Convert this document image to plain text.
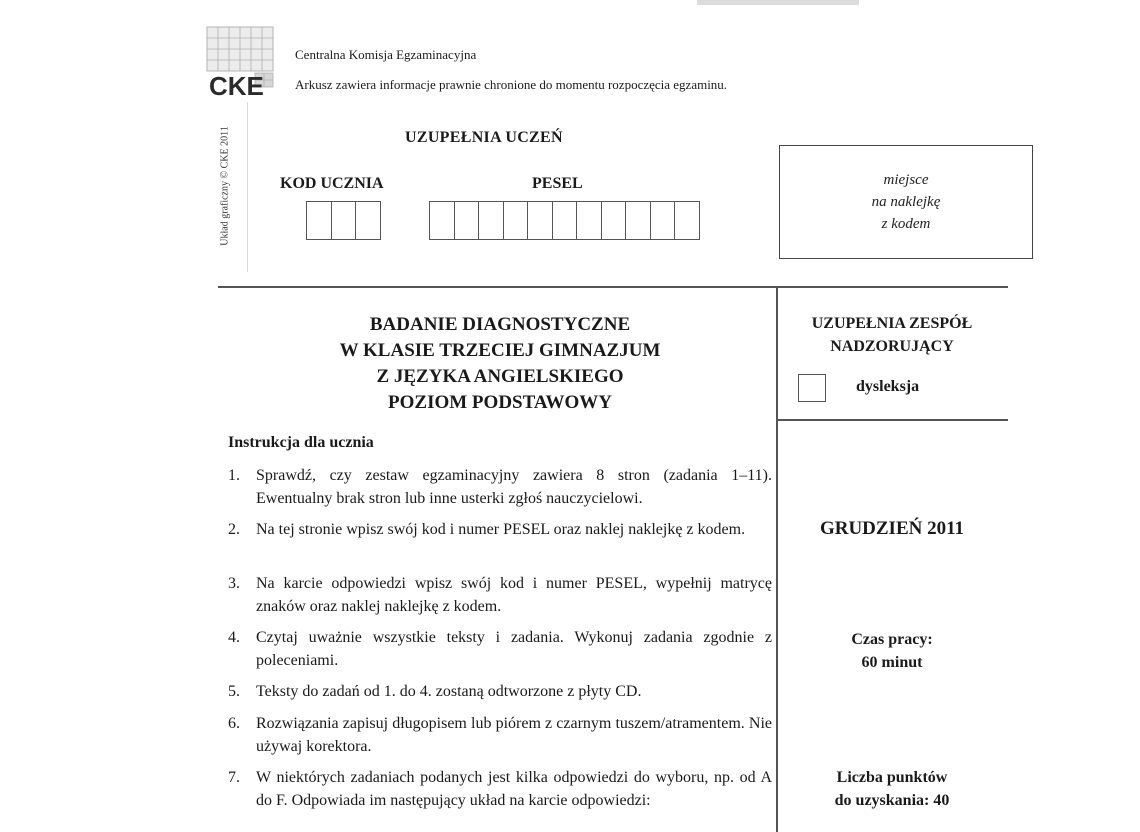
CKE
Układ graficzny © CKE 2011
Centralna Komisja Egzaminacyjna
Arkusz zawiera informacje prawnie chronione do momentu rozpoczęcia egzaminu.
UZUPEŁNIA UCZEŃ
KOD UCZNIA	PESEL	miejsce
na naklejkę
z kodem
BADANIE DIAGNOSTYCZNE
W KLASIE TRZECIEJ GIMNAZJUM
Z JĘZYKA ANGIELSKIEGO
POZIOM PODSTAWOWY
UZUPEŁNIA ZESPÓŁ
NADZORUJĄCY
dysleksja
GRUDZIEŃ 2011
Czas pracy:
60 minut
Liczba punktów
do uzyskania: 40
Instrukcja dla ucznia
1. Sprawdź, czy zestaw egzaminacyjny zawiera 8 stron (zadania 1–11). Ewentualny brak stron lub inne usterki zgłoś nauczycielowi.
2. Na tej stronie wpisz swój kod i numer PESEL oraz naklej naklejkę z kodem.
3. Na karcie odpowiedzi wpisz swój kod i numer PESEL, wypełnij matrycę znaków oraz naklej naklejkę z kodem.
4. Czytaj uważnie wszystkie teksty i zadania. Wykonuj zadania zgodnie z poleceniami.
5. Teksty do zadań od 1. do 4. zostaną odtworzone z płyty CD.
6. Rozwiązania zapisuj długopisem lub piórem z czarnym tuszem/atramentem. Nie używaj korektora.
7. W niektórych zadaniach podanych jest kilka odpowiedzi do wyboru, np. od A do F. Odpowiada im następujący układ na karcie odpowiedzi:
